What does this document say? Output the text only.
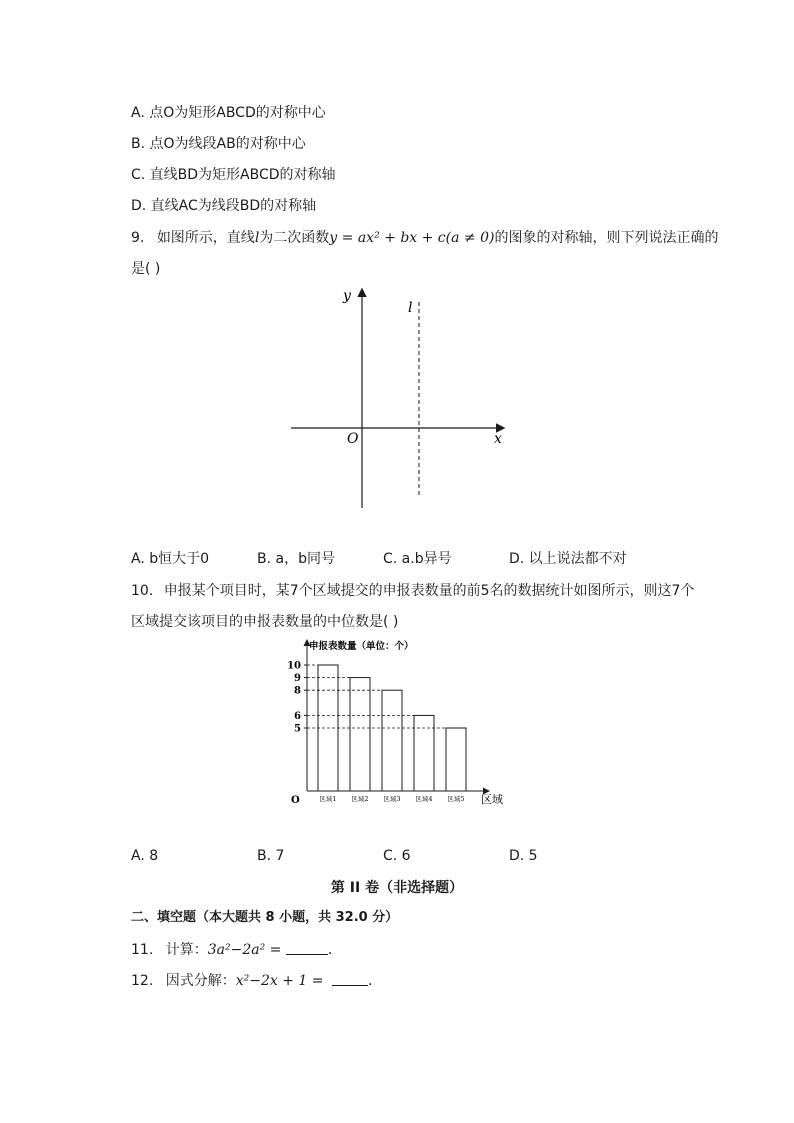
A. 点O为矩形ABCD的对称中心
B. 点O为线段AB的对称中心
C. 直线BD为矩形ABCD的对称轴
D. 直线AC为线段BD的对称轴
9. 如图所示，直线l为二次函数y = ax² + bx + c(a ≠ 0)的图象的对称轴，则下列说法正确的
是( )
y
x
O
l
A. b恒大于0	B. a，b同号	C. a.b异号	D. 以上说法都不对
10. 申报某个项目时，某7个区域提交的申报表数量的前5名的数据统计如图所示，则这7个
区域提交该项目的申报表数量的中位数是( )
申报表数量（单位：个）
O	区域
区域1 区域2 区域3 区域4 区域5
10
9
8
6
5
A. 8	B. 7	C. 6	D. 5
第 II 卷（非选择题）
二、填空题（本大题共 8 小题，共 32.0 分）
11. 计算：3a²−2a² =	.
12. 因式分解：x²−2x + 1 =	.
